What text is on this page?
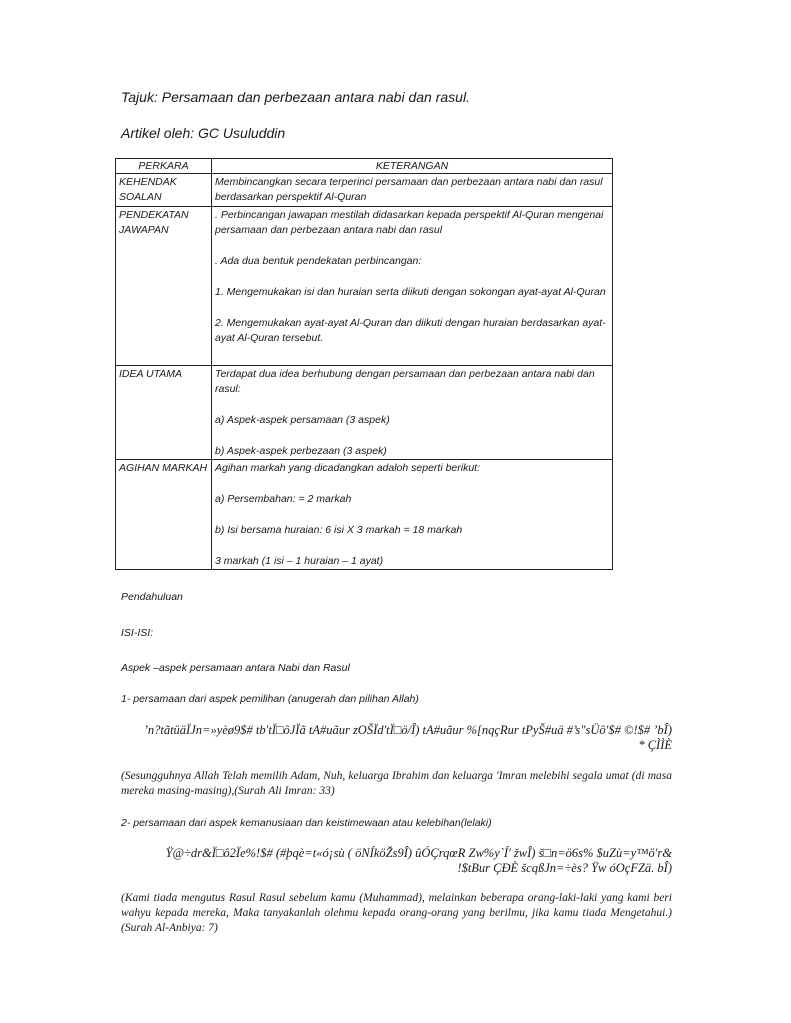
Tajuk: Persamaan dan perbezaan antara nabi dan rasul.

Artikel oleh: GC Usuluddin

PERKARA	KETERANGAN
KEHENDAK SOALAN	Membincangkan secara terperinci persamaan dan perbezaan antara nabi dan rasul berdasarkan perspektif Al-Quran

PENDEKATAN JAWAPAN	. Perbincangan jawapan mestilah didasarkan kepada perspektif Al-Quran mengenai persamaan dan perbezaan antara nabi dan rasul

. Ada dua bentuk pendekatan perbincangan:

1. Mengemukakan isi dan huraian serta diikuti dengan sokongan ayat-ayat Al-Quran

2. Mengemukakan ayat-ayat Al-Quran dan diikuti dengan huraian berdasarkan ayat-ayat Al-Quran tersebut.

IDEA UTAMA	Terdapat dua idea berhubung dengan persamaan dan perbezaan antara nabi dan rasul:

a) Aspek-aspek persamaan (3 aspek)

b) Aspek-aspek perbezaan (3 aspek)

AGIHAN MARKAH	Agihan markah yang dicadangkan adaloh seperti berikut:

a) Persembahan: = 2 markah

b) Isi bersama huraian: 6 isi X 3 markah = 18 markah

3 markah (1 isi – 1 huraian – 1 ayat)

Pendahuluan

ISI-ISI:

Aspek –aspek persamaan antara Nabi dan Rasul

1- persamaan dari aspek pemilihan (anugerah dan pilihan Allah)

’n?tãtüäÏJn=»yèø9$# tb'tÏ□ôJÏã tA#uãur zOŠÏd'tÏ□ö/Î) tA#uãur %[nqçRur tPyŠ#uä #’s"sÜô'$# ©!$# ’bÎ) * ÇÌÌÈ

(Sesungguhnya Allah Telah memilih Adam, Nuh, keluarga Ibrahim dan keluarga 'Imran melebihi segala umat (di masa mereka masing-masing),(Surah Ali Imran: 33)

2- persamaan dari aspek kemanusiaan dan keistimewaan atau kelebihan(lelaki)

Ÿ@÷dr&Ï□ô2Ïe%!$# (#þqè=t«ó¡sù ( öNÍköŽs9Î) ûÓÇrqœR Zw%y`Í' žwÎ) š□n=ö6s% $uZù=y™ö'r& !$tBur ÇÐÈ šcqßJn=÷ès? Ÿw óOçFZä. bÎ)

(Kami tiada mengutus Rasul Rasul sebelum kamu (Muhammad), melainkan beberapa orang-laki-laki yang kami beri wahyu kepada mereka, Maka tanyakanlah olehmu kepada orang-orang yang berilmu, jika kamu tiada Mengetahui.) (Surah Al-Anbiya: 7)
